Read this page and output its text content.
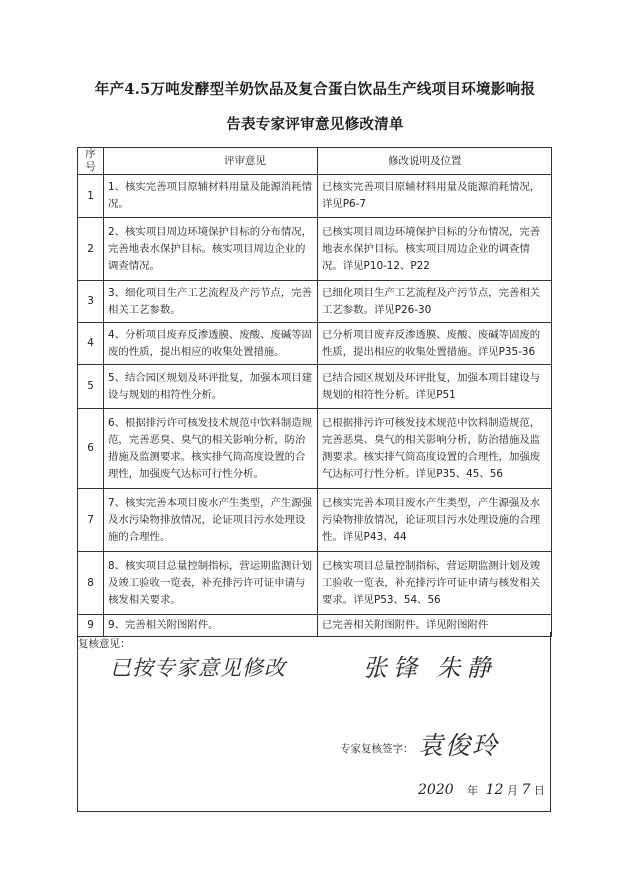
年产4.5万吨发酵型羊奶饮品及复合蛋白饮品生产线项目环境影响报
告表专家评审意见修改清单
序号	评审意见	修改说明及位置
1	1、核实完善项目原辅材料用量及能源消耗情况。	已核实完善项目原辅材料用量及能源消耗情况，详见P6-7
2	2、核实项目周边环境保护目标的分布情况，完善地表水保护目标。核实项目周边企业的调查情况。	已核实项目周边环境保护目标的分布情况，完善地表水保护目标。核实项目周边企业的调查情况。详见P10-12、P22
3	3、细化项目生产工艺流程及产污节点，完善相关工艺参数。	已细化项目生产工艺流程及产污节点，完善相关工艺参数。详见P26-30
4	4、分析项目废弃反渗透膜、废酸、废碱等固废的性质，提出相应的收集处置措施。	已分析项目废弃反渗透膜、废酸、废碱等固废的性质，提出相应的收集处置措施。详见P35-36
5	5、结合园区规划及环评批复，加强本项目建设与规划的相符性分析。	已结合园区规划及环评批复，加强本项目建设与规划的相符性分析。详见P51
6	6、根据排污许可核发技术规范中饮料制造规范，完善恶臭、臭气的相关影响分析，防治措施及监测要求。核实排气筒高度设置的合理性，加强废气达标可行性分析。	已根据排污许可核发技术规范中饮料制造规范，完善恶臭、臭气的相关影响分析，防治措施及监测要求。核实排气筒高度设置的合理性，加强废气达标可行性分析。详见P35、45、56
7	7、核实完善本项目废水产生类型，产生源强及水污染物排放情况，论证项目污水处理设施的合理性。	已核实完善本项目废水产生类型，产生源强及水污染物排放情况，论证项目污水处理设施的合理性。详见P43、44
8	8、核实项目总量控制指标，营运期监测计划及竣工验收一览表，补充排污许可证申请与核发相关要求。	已核实项目总量控制指标，营运期监测计划及竣工验收一览表，补充排污许可证申请与核发相关要求。详见P53、54、56
9	9、完善相关附图附件。	已完善相关附图附件。详见附图附件
复核意见：
已按专家意见修改	张锋 朱静
专家复核签字： 袁俊玲
2020 年 12 月 7 日
